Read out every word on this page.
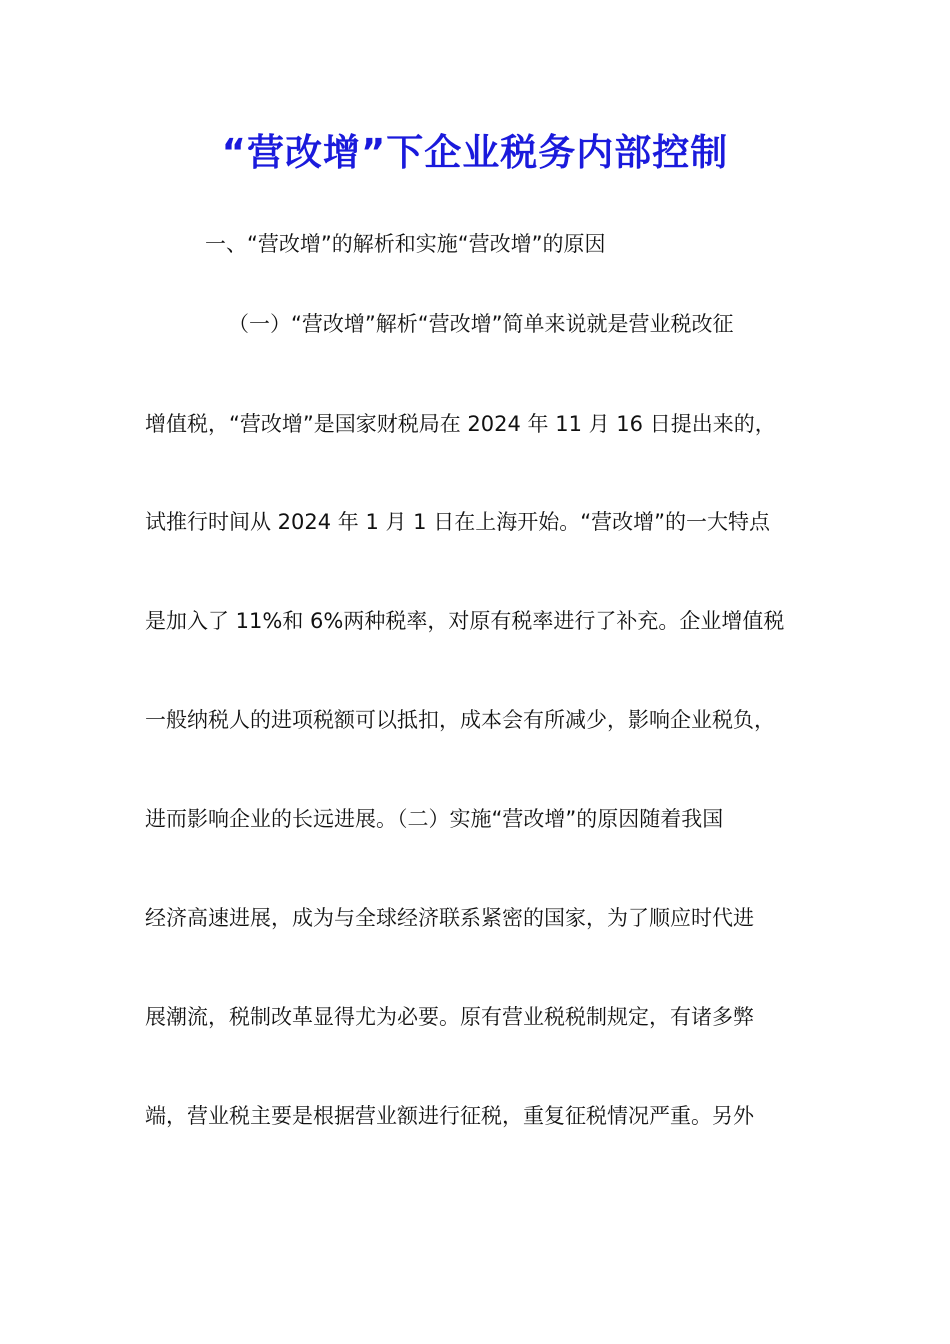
“营改增”下企业税务内部控制
一、“营改增”的解析和实施“营改增”的原因
（一）“营改增”解析“营改增”简单来说就是营业税改征
增值税，“营改增”是国家财税局在 2024 年 11 月 16 日提出来的，
试推行时间从 2024 年 1 月 1 日在上海开始。“营改增”的一大特点
是加入了 11%和 6%两种税率，对原有税率进行了补充。企业增值税
一般纳税人的进项税额可以抵扣，成本会有所减少，影响企业税负，
进而影响企业的长远进展。（二）实施“营改增”的原因随着我国
经济高速进展，成为与全球经济联系紧密的国家，为了顺应时代进
展潮流，税制改革显得尤为必要。原有营业税税制规定，有诸多弊
端，营业税主要是根据营业额进行征税，重复征税情况严重。另外
